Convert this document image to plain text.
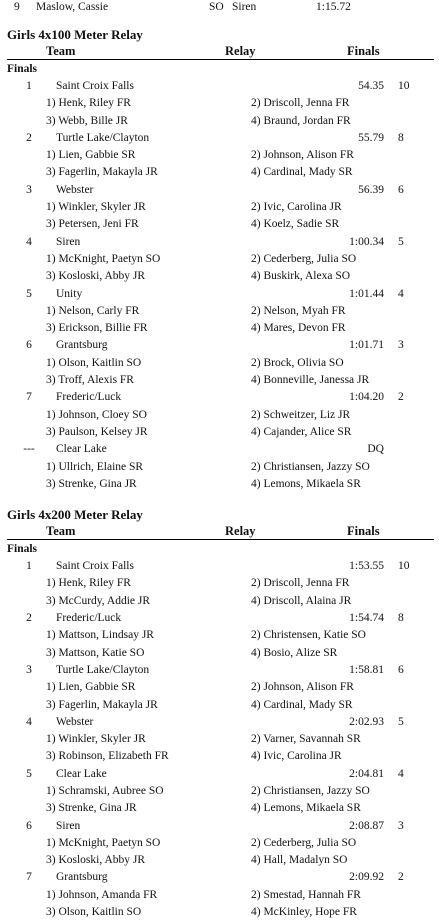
9 Maslow, Cassie	SO Siren	1:15.72
Girls 4x100 Meter Relay
Team	Relay	Finals
Finals
1	Saint Croix Falls	54.35 10
1) Henk, Riley FR	2) Driscoll, Jenna FR
3) Webb, Bille JR	4) Braund, Jordan FR
2	Turtle Lake/Clayton	55.79 8
1) Lien, Gabbie SR	2) Johnson, Alison FR
3) Fagerlin, Makayla JR	4) Cardinal, Mady SR
3	Webster	56.39 6
1) Winkler, Skyler JR	2) Ivic, Carolina JR
3) Petersen, Jeni FR	4) Koelz, Sadie SR
4	Siren	1:00.34 5
1) McKnight, Paetyn SO	2) Cederberg, Julia SO
3) Kosloski, Abby JR	4) Buskirk, Alexa SO
5	Unity	1:01.44 4
1) Nelson, Carly FR	2) Nelson, Myah FR
3) Erickson, Billie FR	4) Mares, Devon FR
6	Grantsburg	1:01.71 3
1) Olson, Kaitlin SO	2) Brock, Olivia SO
3) Troff, Alexis FR	4) Bonneville, Janessa JR
7	Frederic/Luck	1:04.20 2
1) Johnson, Cloey SO	2) Schweitzer, Liz JR
3) Paulson, Kelsey JR	4) Cajander, Alice SR
---	Clear Lake	DQ
1) Ullrich, Elaine SR	2) Christiansen, Jazzy SO
3) Strenke, Gina JR	4) Lemons, Mikaela SR
Girls 4x200 Meter Relay
Team	Relay	Finals
Finals
1	Saint Croix Falls	1:53.55 10
1) Henk, Riley FR	2) Driscoll, Jenna FR
3) McCurdy, Addie JR	4) Driscoll, Alaina JR
2	Frederic/Luck	1:54.74 8
1) Mattson, Lindsay JR	2) Christensen, Katie SO
3) Mattson, Katie SO	4) Bosio, Alize SR
3	Turtle Lake/Clayton	1:58.81 6
1) Lien, Gabbie SR	2) Johnson, Alison FR
3) Fagerlin, Makayla JR	4) Cardinal, Mady SR
4	Webster	2:02.93 5
1) Winkler, Skyler JR	2) Varner, Savannah SR
3) Robinson, Elizabeth FR	4) Ivic, Carolina JR
5	Clear Lake	2:04.81 4
1) Schramski, Aubree SO	2) Christiansen, Jazzy SO
3) Strenke, Gina JR	4) Lemons, Mikaela SR
6	Siren	2:08.87 3
1) McKnight, Paetyn SO	2) Cederberg, Julia SO
3) Kosloski, Abby JR	4) Hall, Madalyn SO
7	Grantsburg	2:09.92 2
1) Johnson, Amanda FR	2) Smestad, Hannah FR
3) Olson, Kaitlin SO	4) McKinley, Hope FR
